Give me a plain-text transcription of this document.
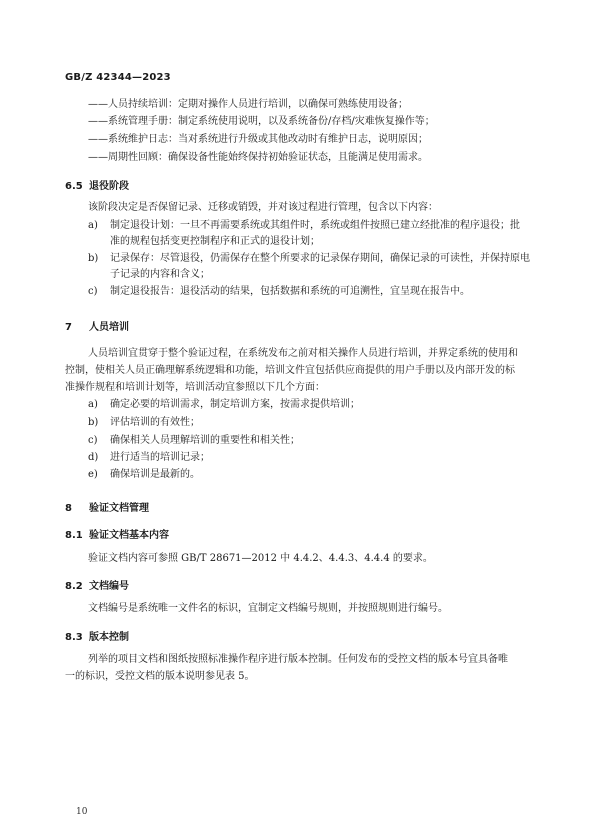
GB/Z 42344—2023
——人员持续培训：定期对操作人员进行培训，以确保可熟练使用设备；
——系统管理手册：制定系统使用说明，以及系统备份/存档/灾难恢复操作等；
——系统维护日志：当对系统进行升级或其他改动时有维护日志，说明原因；
——周期性回顾：确保设备性能始终保持初始验证状态，且能满足使用需求。
6.5 退役阶段
该阶段决定是否保留记录、迁移或销毁，并对该过程进行管理，包含以下内容：
a) 制定退役计划：一旦不再需要系统或其组件时，系统或组件按照已建立经批准的程序退役；批
准的规程包括变更控制程序和正式的退役计划；
b) 记录保存：尽管退役，仍需保存在整个所要求的记录保存期间，确保记录的可读性，并保持原电
子记录的内容和含义；
c) 制定退役报告：退役活动的结果，包括数据和系统的可追溯性，宜呈现在报告中。
7 人员培训
人员培训宜贯穿于整个验证过程，在系统发布之前对相关操作人员进行培训，并界定系统的使用和
控制，使相关人员正确理解系统逻辑和功能，培训文件宜包括供应商提供的用户手册以及内部开发的标
准操作规程和培训计划等，培训活动宜参照以下几个方面：
a) 确定必要的培训需求，制定培训方案，按需求提供培训；
b) 评估培训的有效性；
c) 确保相关人员理解培训的重要性和相关性；
d) 进行适当的培训记录；
e) 确保培训是最新的。
8 验证文档管理
8.1 验证文档基本内容
验证文档内容可参照 GB/T 28671—2012 中 4.4.2、4.4.3、4.4.4 的要求。
8.2 文档编号
文档编号是系统唯一文件名的标识，宜制定文档编号规则，并按照规则进行编号。
8.3 版本控制
列举的项目文档和图纸按照标准操作程序进行版本控制。任何发布的受控文档的版本号宜具备唯
一的标识，受控文档的版本说明参见表 5。
10
